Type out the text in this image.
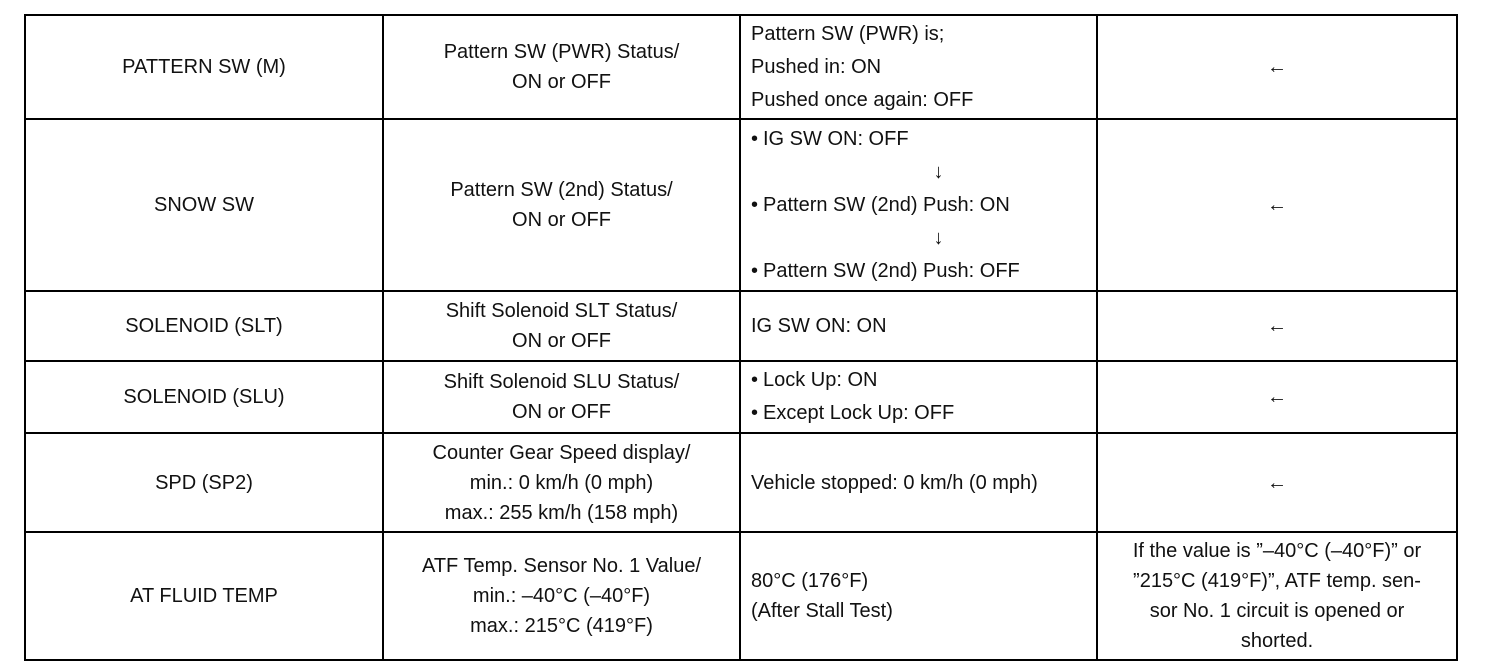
PATTERN SW (M)	Pattern SW (PWR) Status/
ON or OFF	Pattern SW (PWR) is;
Pushed in: ON
Pushed once again: OFF	←

SNOW SW	Pattern SW (2nd) Status/
ON or OFF	• IG SW ON: OFF
↓
• Pattern SW (2nd) Push: ON
↓
• Pattern SW (2nd) Push: OFF	←

SOLENOID (SLT)	Shift Solenoid SLT Status/
ON or OFF	IG SW ON: ON	←

SOLENOID (SLU)	Shift Solenoid SLU Status/
ON or OFF	• Lock Up: ON
• Except Lock Up: OFF	←

SPD (SP2)	Counter Gear Speed display/
min.: 0 km/h (0 mph)
max.: 255 km/h (158 mph)	Vehicle stopped: 0 km/h (0 mph)	←

AT FLUID TEMP	ATF Temp. Sensor No. 1 Value/
min.: –40°C (–40°F)
max.: 215°C (419°F)	80°C (176°F)
(After Stall Test)	If the value is ”–40°C (–40°F)” or
”215°C (419°F)”, ATF temp. sen-
sor No. 1 circuit is opened or
shorted.
